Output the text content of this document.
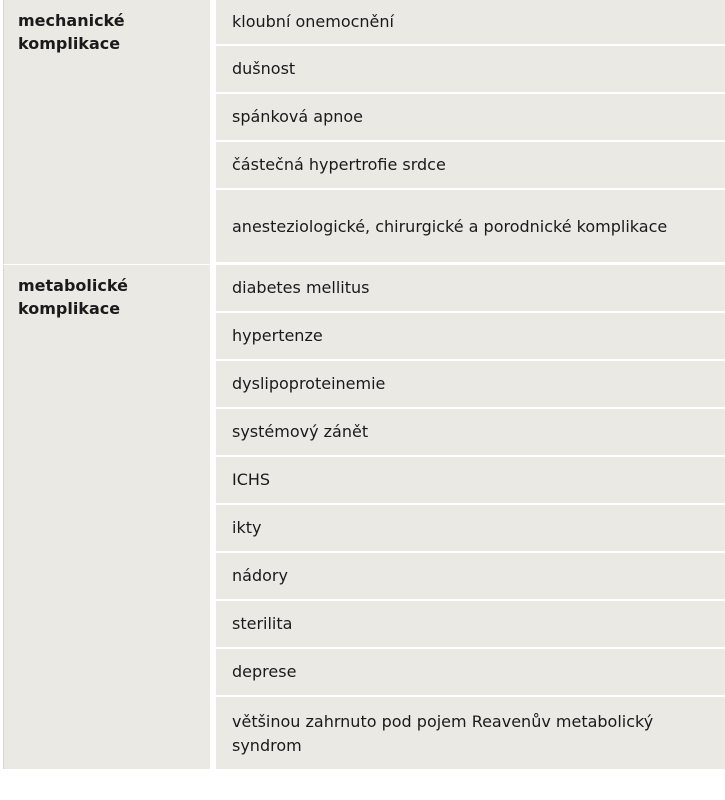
mechanické komplikace
kloubní onemocnění
dušnost
spánková apnoe
částečná hypertrofie srdce
anesteziologické, chirurgické a porodnické komplikace
metabolické komplikace
diabetes mellitus
hypertenze
dyslipoproteinemie
systémový zánět
ICHS
ikty
nádory
sterilita
deprese
většinou zahrnuto pod pojem Reavenův metabolický syndrom
